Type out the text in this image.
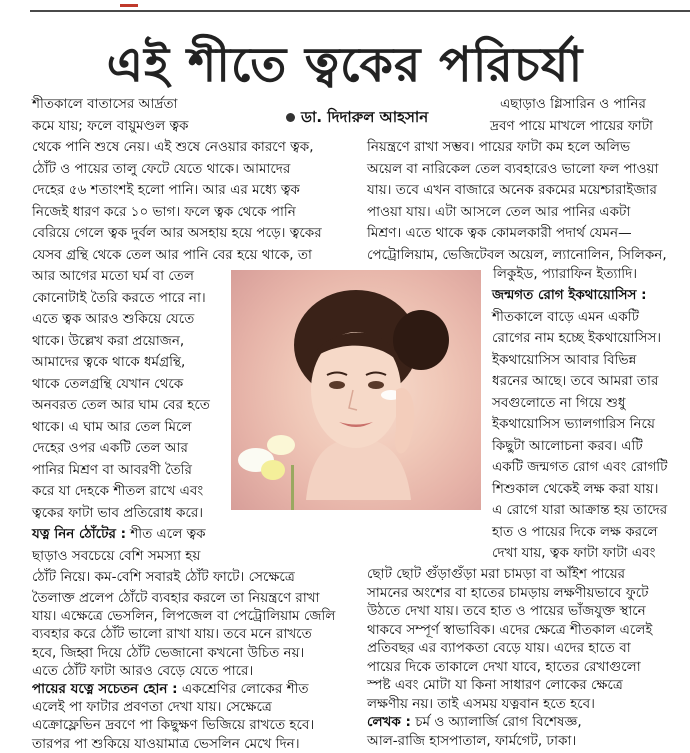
এই শীতে ত্বকের পরিচর্যা
ডা. দিদারুল আহসান
শীতকালে বাতাসের আর্দ্রতা
কমে যায়; ফলে বায়ুমণ্ডল ত্বক
এছাড়াও গ্লিসারিন ও পানির
দ্রবণ পায়ে মাখলে পায়ের ফাটা
থেকে পানি শুষে নেয়। এই শুষে নেওয়ার কারণে ত্বক,
ঠোঁট ও পায়ের তালু ফেটে যেতে থাকে। আমাদের
দেহের ৫৬ শতাংশই হলো পানি। আর এর মধ্যে ত্বক
নিজেই ধারণ করে ১০ ভাগ। ফলে ত্বক থেকে পানি
বেরিয়ে গেলে ত্বক দুর্বল আর অসহায় হয়ে পড়ে। ত্বকের
যেসব গ্রন্থি থেকে তেল আর পানি বের হয়ে থাকে, তা
নিয়ন্ত্রণে রাখা সম্ভব। পায়ের ফাটা কম হলে অলিভ
অয়েল বা নারিকেল তেল ব্যবহারেও ভালো ফল পাওয়া
যায়। তবে এখন বাজারে অনেক রকমের ময়েশ্চারাইজার
পাওয়া যায়। এটা আসলে তেল আর পানির একটা
মিশ্রণ। এতে থাকে ত্বক কোমলকারী পদার্থ যেমন—
পেট্রোলিয়াম, ভেজিটেবল অয়েল, ল্যানোলিন, সিলিকন,
লিকুইড, প্যারাফিন ইত্যাদি।
আর আগের মতো ঘর্ম বা তেল
কোনোটাই তৈরি করতে পারে না।
এতে ত্বক আরও শুকিয়ে যেতে
থাকে। উল্লেখ করা প্রয়োজন,
আমাদের ত্বকে থাকে ধর্মগ্রন্থি,
থাকে তেলগ্রন্থি যেখান থেকে
অনবরত তেল আর ঘাম বের হতে
থাকে। এ ঘাম আর তেল মিলে
দেহের ওপর একটি তেল আর
পানির মিশ্রণ বা আবরণী তৈরি
করে যা দেহকে শীতল রাখে এবং
ত্বকের ফাটা ভাব প্রতিরোধ করে।
যত্ন নিন ঠোঁটের : শীত এলে ত্বক
ছাড়াও সবচেয়ে বেশি সমস্যা হয়
ঠোঁট নিয়ে। কম-বেশি সবারই ঠোঁট ফাটে। সেক্ষেত্রে
জন্মগত রোগ ইকথায়োসিস :
শীতকালে বাড়ে এমন একটি
রোগের নাম হচ্ছে ইকথায়োসিস।
ইকথায়োসিস আবার বিভিন্ন
ধরনের আছে। তবে আমরা তার
সবগুলোতে না গিয়ে শুধু
ইকথায়োসিস ভ্যালগারিস নিয়ে
কিছুটা আলোচনা করব। এটি
একটি জন্মগত রোগ এবং রোগটি
শিশুকাল থেকেই লক্ষ করা যায়।
এ রোগে যারা আক্রান্ত হয় তাদের
হাত ও পায়ের দিকে লক্ষ করলে
দেখা যায়, ত্বক ফাটা ফাটা এবং
তৈলাক্ত প্রলেপ ঠোঁটে ব্যবহার করলে তা নিয়ন্ত্রণে রাখা
যায়। এক্ষেত্রে ভেসলিন, লিপজেল বা পেট্রোলিয়াম জেলি
ব্যবহার করে ঠোঁট ভালো রাখা যায়। তবে মনে রাখতে
হবে, জিহ্বা দিয়ে ঠোঁট ভেজানো কখনো উচিত নয়।
এতে ঠোঁট ফাটা আরও বেড়ে যেতে পারে।
পায়ের যত্নে সচেতন হোন : একশ্রেণির লোকের শীত
ছোট ছোট গুঁড়াগুঁড়া মরা চামড়া বা আঁইশ পায়ের
সামনের অংশের বা হাতের চামড়ায় লক্ষণীয়ভাবে ফুটে
উঠতে দেখা যায়। তবে হাত ও পায়ের ভাঁজযুক্ত স্থানে
থাকবে সম্পূর্ণ স্বাভাবিক। এদের ক্ষেত্রে শীতকাল এলেই
প্রতিবছর এর ব্যাপকতা বেড়ে যায়। এদের হাতে বা
পায়ের দিকে তাকালে দেখা যাবে, হাতের রেখাগুলো
এলেই পা ফাটার প্রবণতা দেখা যায়। সেক্ষেত্রে
এক্রোফ্লেভিন দ্রবণে পা কিছুক্ষণ ভিজিয়ে রাখতে হবে।
তারপর পা শুকিয়ে যাওয়ামাত্র ভেসলিন মেখে দিন।
স্পষ্ট এবং মোটা যা কিনা সাধারণ লোকের ক্ষেত্রে
লক্ষণীয় নয়। তাই এসময় যত্নবান হতে হবে।
লেখক : চর্ম ও অ্যালার্জি রোগ বিশেষজ্ঞ,
আল-রাজি হাসপাতাল, ফার্মগেট, ঢাকা।
